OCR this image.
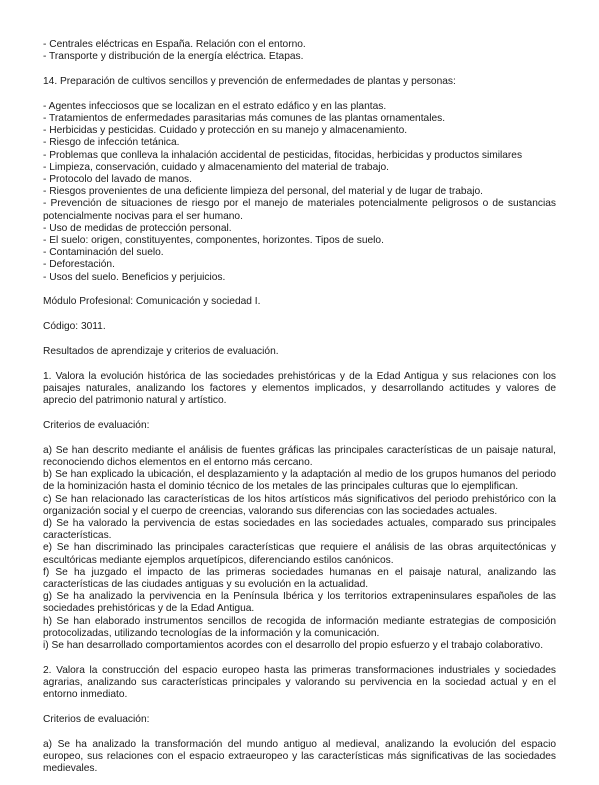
- Centrales eléctricas en España. Relación con el entorno.

- Transporte y distribución de la energía eléctrica. Etapas.

14. Preparación de cultivos sencillos y prevención de enfermedades de plantas y personas:

- Agentes infecciosos que se localizan en el estrato edáfico y en las plantas.

- Tratamientos de enfermedades parasitarias más comunes de las plantas ornamentales.

- Herbicidas y pesticidas. Cuidado y protección en su manejo y almacenamiento.

- Riesgo de infección tetánica.

- Problemas que conlleva la inhalación accidental de pesticidas, fitocidas, herbicidas y productos similares

- Limpieza, conservación, cuidado y almacenamiento del material de trabajo.

- Protocolo del lavado de manos.

- Riesgos provenientes de una deficiente limpieza del personal, del material y de lugar de trabajo.

- Prevención de situaciones de riesgo por el manejo de materiales potencialmente peligrosos o de sustancias potencialmente nocivas para el ser humano.

- Uso de medidas de protección personal.

- El suelo: origen, constituyentes, componentes, horizontes. Tipos de suelo.

- Contaminación del suelo.

- Deforestación.

- Usos del suelo. Beneficios y perjuicios.

Módulo Profesional: Comunicación y sociedad I.

Código: 3011.

Resultados de aprendizaje y criterios de evaluación.

1. Valora la evolución histórica de las sociedades prehistóricas y de la Edad Antigua y sus relaciones con los paisajes naturales, analizando los factores y elementos implicados, y desarrollando actitudes y valores de aprecio del patrimonio natural y artístico.

Criterios de evaluación:

a) Se han descrito mediante el análisis de fuentes gráficas las principales características de un paisaje natural, reconociendo dichos elementos en el entorno más cercano.

b) Se han explicado la ubicación, el desplazamiento y la adaptación al medio de los grupos humanos del periodo de la hominización hasta el dominio técnico de los metales de las principales culturas que lo ejemplifican.

c) Se han relacionado las características de los hitos artísticos más significativos del periodo prehistórico con la organización social y el cuerpo de creencias, valorando sus diferencias con las sociedades actuales.

d) Se ha valorado la pervivencia de estas sociedades en las sociedades actuales, comparado sus principales características.

e) Se han discriminado las principales características que requiere el análisis de las obras arquitectónicas y escultóricas mediante ejemplos arquetípicos, diferenciando estilos canónicos.

f) Se ha juzgado el impacto de las primeras sociedades humanas en el paisaje natural, analizando las características de las ciudades antiguas y su evolución en la actualidad.

g) Se ha analizado la pervivencia en la Península Ibérica y los territorios extrapeninsulares españoles de las sociedades prehistóricas y de la Edad Antigua.

h) Se han elaborado instrumentos sencillos de recogida de información mediante estrategias de composición protocolizadas, utilizando tecnologías de la información y la comunicación.

i) Se han desarrollado comportamientos acordes con el desarrollo del propio esfuerzo y el trabajo colaborativo.

2. Valora la construcción del espacio europeo hasta las primeras transformaciones industriales y sociedades agrarias, analizando sus características principales y valorando su pervivencia en la sociedad actual y en el entorno inmediato.

Criterios de evaluación:

a) Se ha analizado la transformación del mundo antiguo al medieval, analizando la evolución del espacio europeo, sus relaciones con el espacio extraeuropeo y las características más significativas de las sociedades medievales.
